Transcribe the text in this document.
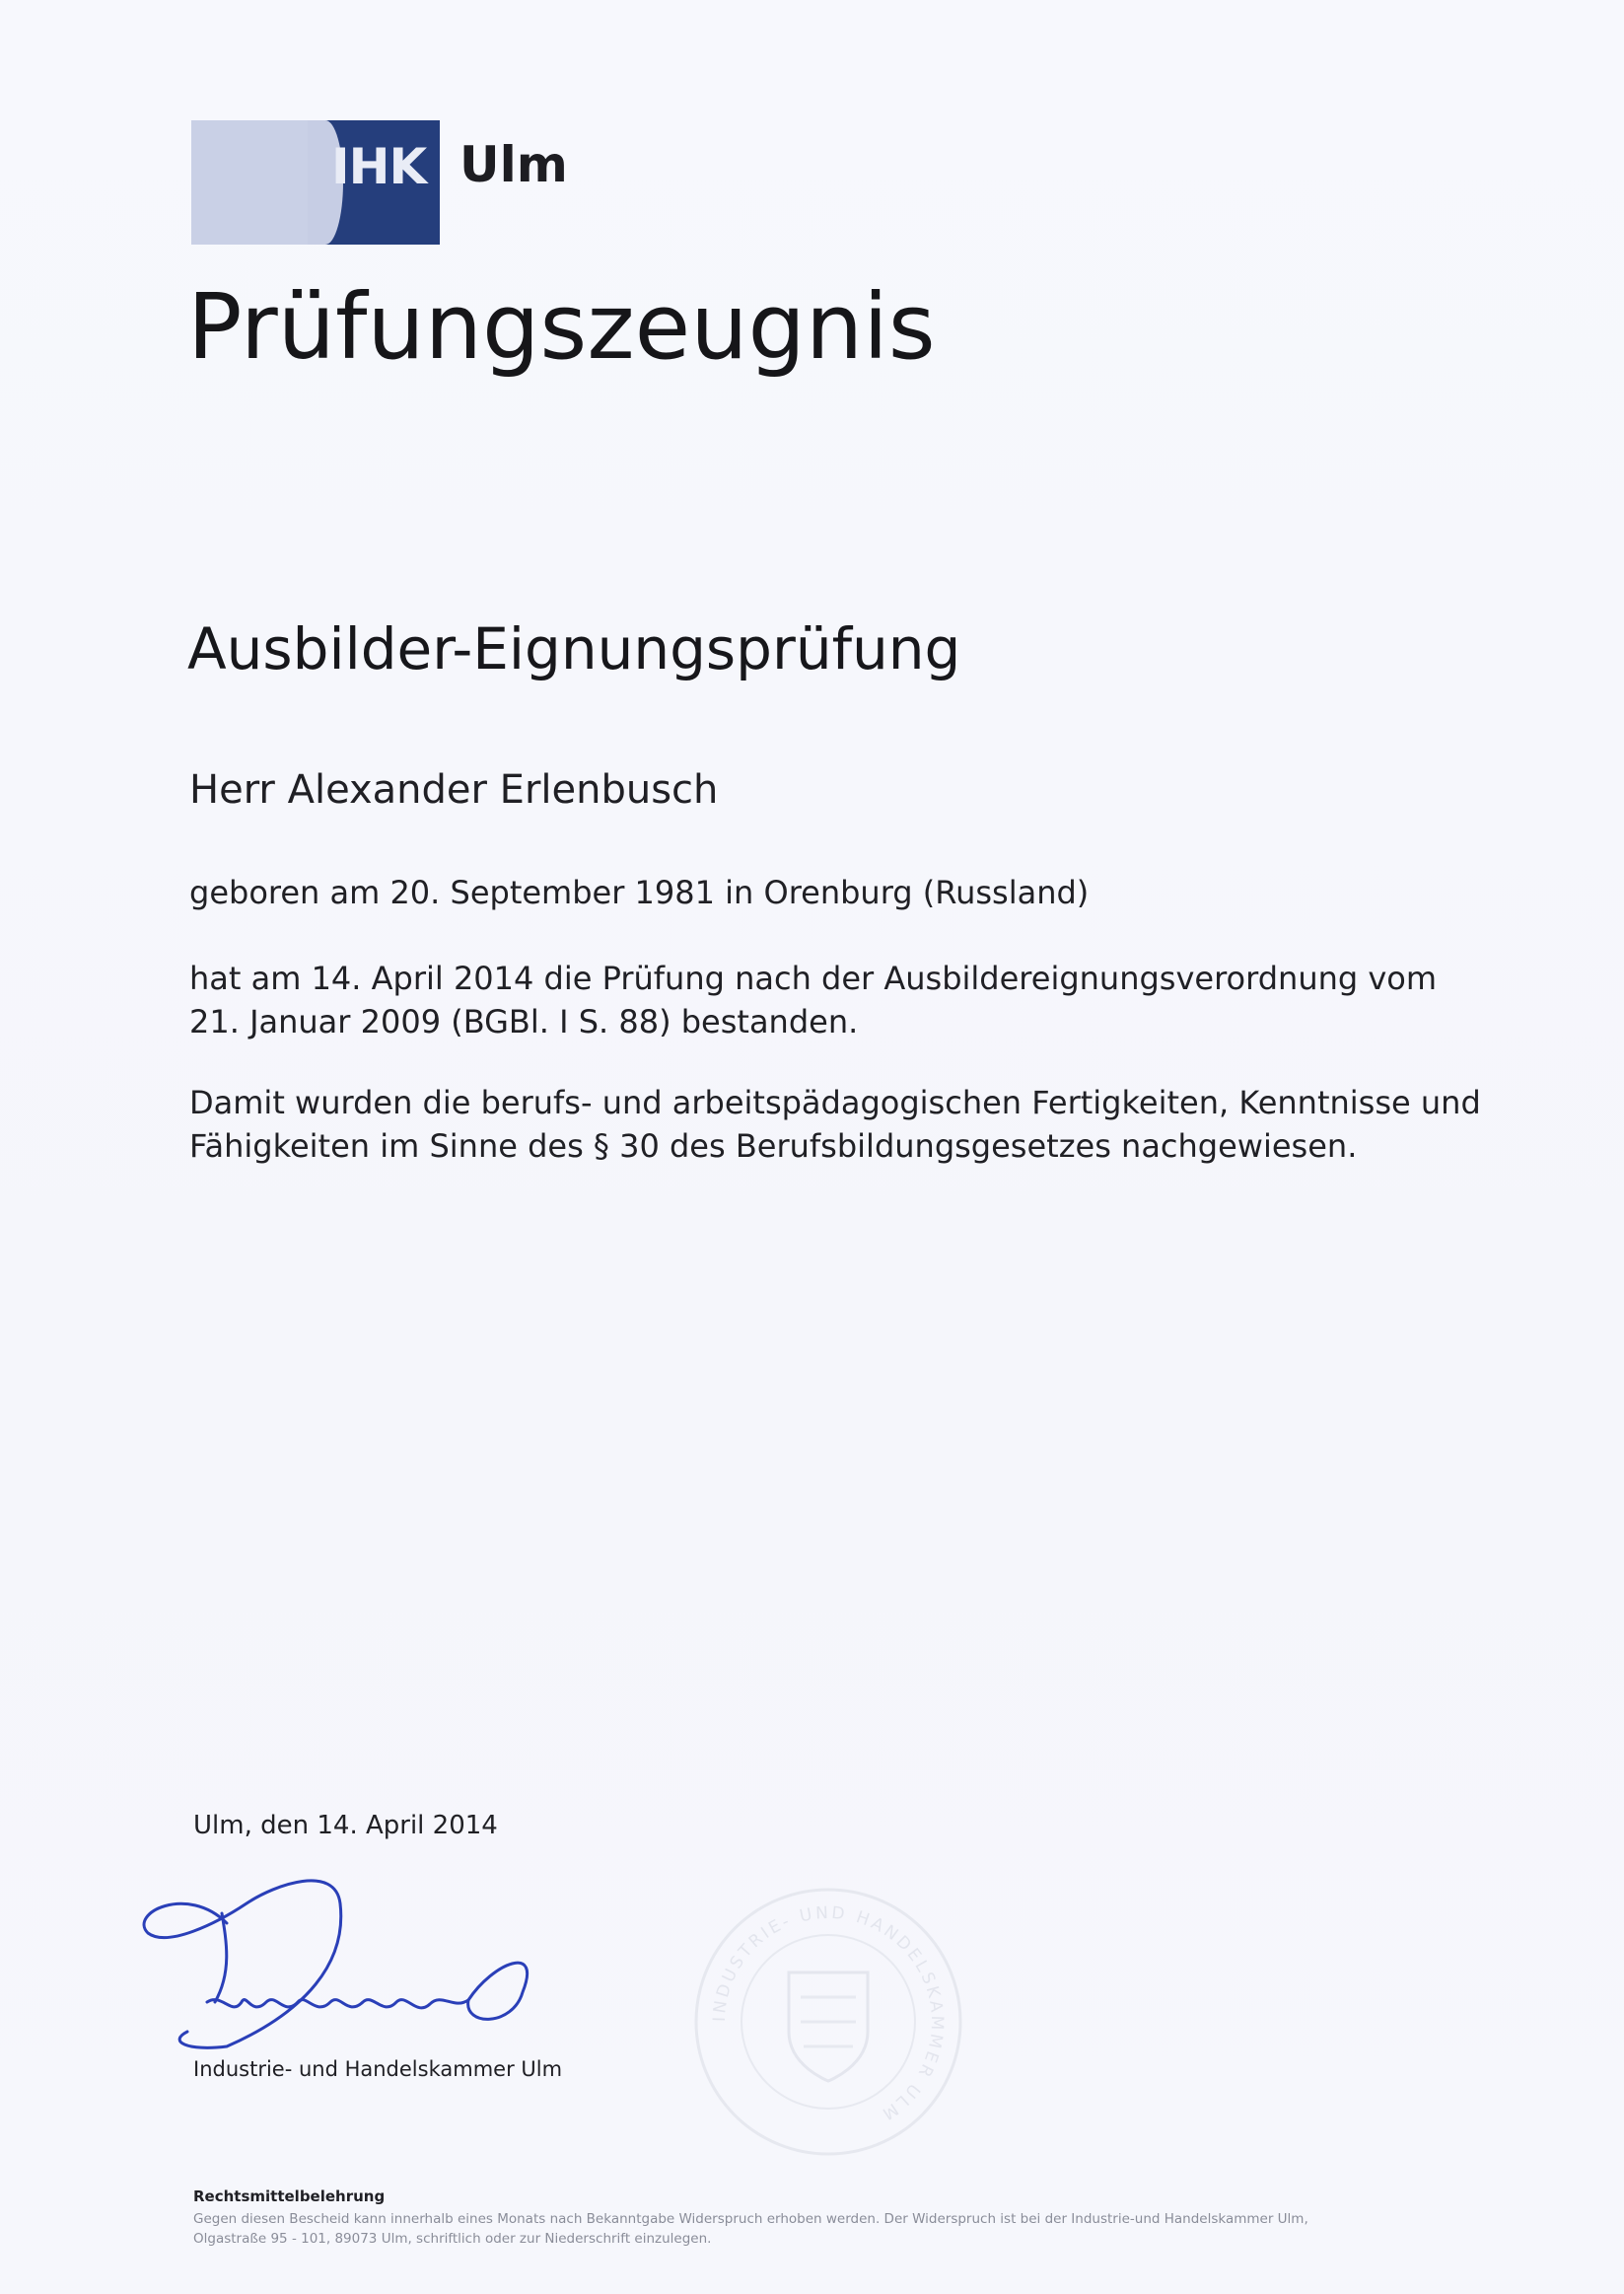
IHK Ulm
Prüfungszeugnis
Ausbilder-Eignungsprüfung
Herr Alexander Erlenbusch
geboren am 20. September 1981 in Orenburg (Russland)
hat am 14. April 2014 die Prüfung nach der Ausbildereignungsverordnung vom
21. Januar 2009 (BGBl. I S. 88) bestanden.
Damit wurden die berufs- und arbeitspädagogischen Fertigkeiten, Kenntnisse und
Fähigkeiten im Sinne des § 30 des Berufsbildungsgesetzes nachgewiesen.
Ulm, den 14. April 2014
Industrie- und Handelskammer Ulm
INDUSTRIE- UND HANDELSKAMMER ULM
Rechtsmittelbelehrung
Gegen diesen Bescheid kann innerhalb eines Monats nach Bekanntgabe Widerspruch erhoben werden. Der Widerspruch ist bei der Industrie-und Handelskammer Ulm,
Olgastraße 95 - 101, 89073 Ulm, schriftlich oder zur Niederschrift einzulegen.
